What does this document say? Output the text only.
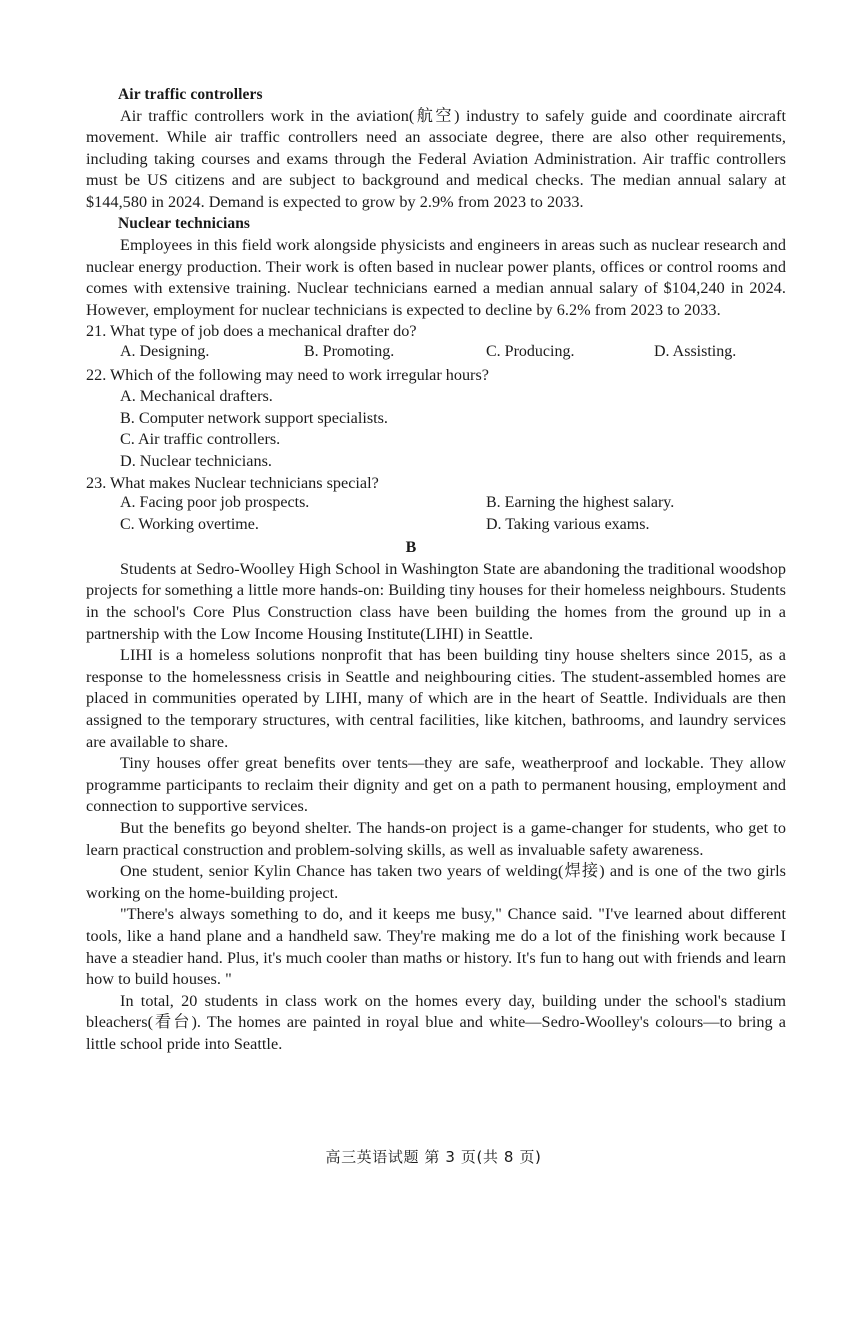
Air traffic controllers

Air traffic controllers work in the aviation(航空) industry to safely guide and coordinate aircraft movement. While air traffic controllers need an associate degree, there are also other requirements, including taking courses and exams through the Federal Aviation Administration. Air traffic controllers must be US citizens and are subject to background and medical checks. The median annual salary at $144,580 in 2024. Demand is expected to grow by 2.9% from 2023 to 2033.

Nuclear technicians

Employees in this field work alongside physicists and engineers in areas such as nuclear research and nuclear energy production. Their work is often based in nuclear power plants, offices or control rooms and comes with extensive training. Nuclear technicians earned a median annual salary of $104,240 in 2024. However, employment for nuclear technicians is expected to decline by 6.2% from 2023 to 2033.

21. What type of job does a mechanical drafter do?

A. Designing.	B. Promoting.	C. Producing.	D. Assisting.

22. Which of the following may need to work irregular hours?

A. Mechanical drafters.

B. Computer network support specialists.

C. Air traffic controllers.

D. Nuclear technicians.

23. What makes Nuclear technicians special?

A. Facing poor job prospects.	B. Earning the highest salary.
C. Working overtime.	D. Taking various exams.

B

Students at Sedro-Woolley High School in Washington State are abandoning the traditional woodshop projects for something a little more hands-on: Building tiny houses for their homeless neighbours. Students in the school's Core Plus Construction class have been building the homes from the ground up in a partnership with the Low Income Housing Institute(LIHI) in Seattle.

LIHI is a homeless solutions nonprofit that has been building tiny house shelters since 2015, as a response to the homelessness crisis in Seattle and neighbouring cities. The student-assembled homes are placed in communities operated by LIHI, many of which are in the heart of Seattle. Individuals are then assigned to the temporary structures, with central facilities, like kitchen, bathrooms, and laundry services are available to share.

Tiny houses offer great benefits over tents—they are safe, weatherproof and lockable. They allow programme participants to reclaim their dignity and get on a path to permanent housing, employment and connection to supportive services.

But the benefits go beyond shelter. The hands-on project is a game-changer for students, who get to learn practical construction and problem-solving skills, as well as invaluable safety awareness.

One student, senior Kylin Chance has taken two years of welding(焊接) and is one of the two girls working on the home-building project.

"There's always something to do, and it keeps me busy," Chance said. "I've learned about different tools, like a hand plane and a handheld saw. They're making me do a lot of the finishing work because I have a steadier hand. Plus, it's much cooler than maths or history. It's fun to hang out with friends and learn how to build houses. "

In total, 20 students in class work on the homes every day, building under the school's stadium bleachers(看台). The homes are painted in royal blue and white—Sedro-Woolley's colours—to bring a little school pride into Seattle.

高三英语试题 第 3 页(共 8 页)
